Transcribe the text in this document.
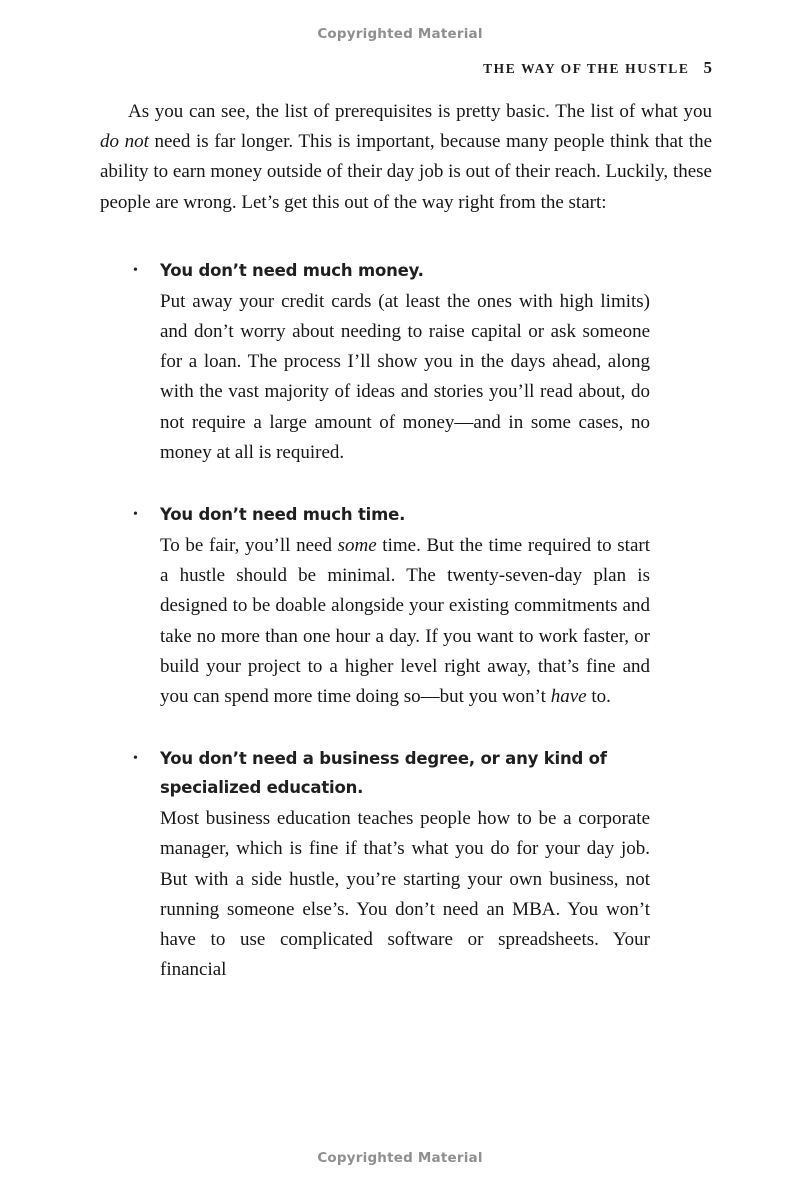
Copyrighted Material
THE WAY OF THE HUSTLE 5

As you can see, the list of prerequisites is pretty basic. The list of what you do not need is far longer. This is important, because many people think that the ability to earn money outside of their day job is out of their reach. Luckily, these people are wrong. Let’s get this out of the way right from the start:

•	You don’t need much money.

Put away your credit cards (at least the ones with high limits) and don’t worry about needing to raise capital or ask someone for a loan. The process I’ll show you in the days ahead, along with the vast majority of ideas and stories you’ll read about, do not require a large amount of money—and in some cases, no money at all is required.

•	You don’t need much time.

To be fair, you’ll need some time. But the time required to start a hustle should be minimal. The twenty-seven-day plan is designed to be doable alongside your existing commitments and take no more than one hour a day. If you want to work faster, or build your project to a higher level right away, that’s fine and you can spend more time doing so—but you won’t have to.

•	You don’t need a business degree, or any kind of specialized education.

Most business education teaches people how to be a corporate manager, which is fine if that’s what you do for your day job. But with a side hustle, you’re starting your own business, not running someone else’s. You don’t need an MBA. You won’t have to use complicated software or spreadsheets. Your financial

Copyrighted Material
